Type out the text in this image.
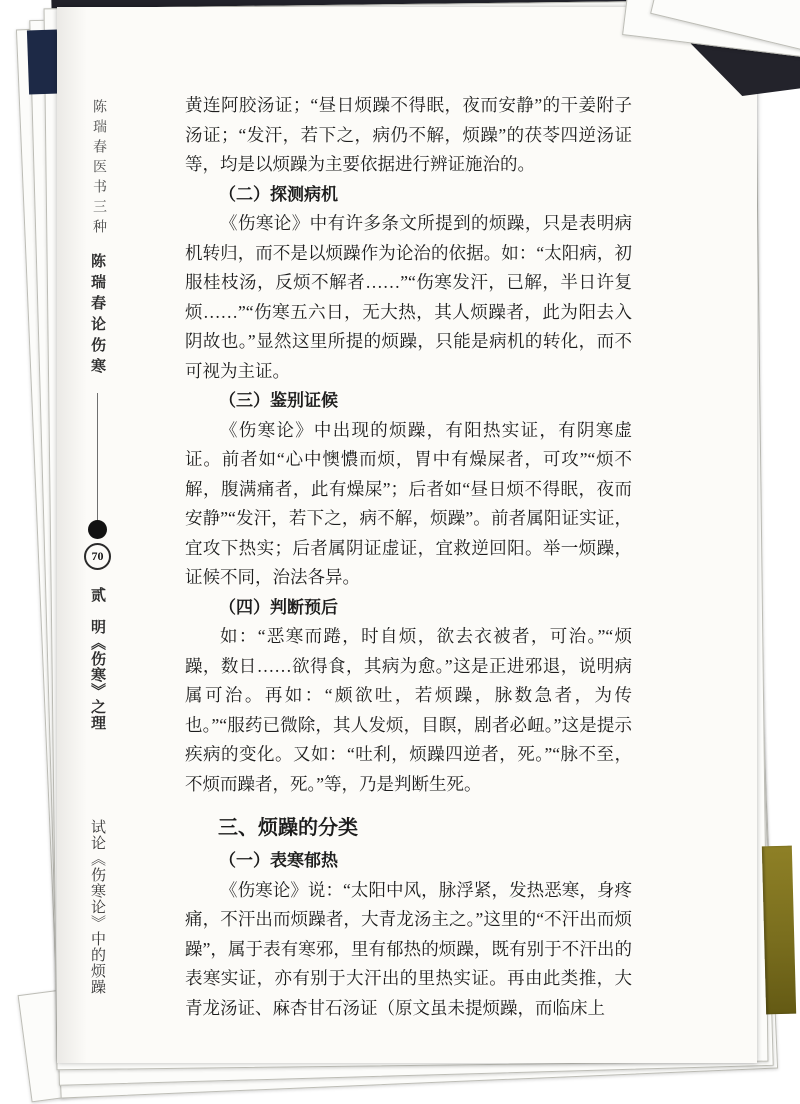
陈瑞春医书三种
陈瑞春论伤寒
70
贰　明《伤寒》之理
试论《伤寒论》中的烦躁

黄连阿胶汤证；“昼日烦躁不得眠，夜而安静”的干姜附子汤证；“发汗，若下之，病仍不解，烦躁”的茯苓四逆汤证等，均是以烦躁为主要依据进行辨证施治的。

（二）探测病机

《伤寒论》中有许多条文所提到的烦躁，只是表明病机转归，而不是以烦躁作为论治的依据。如：“太阳病，初服桂枝汤，反烦不解者……”“伤寒发汗，已解，半日许复烦……”“伤寒五六日，无大热，其人烦躁者，此为阳去入阴故也。”显然这里所提的烦躁，只能是病机的转化，而不可视为主证。

（三）鉴别证候

《伤寒论》中出现的烦躁，有阳热实证，有阴寒虚证。前者如“心中懊憹而烦，胃中有燥屎者，可攻”“烦不解，腹满痛者，此有燥屎”；后者如“昼日烦不得眠，夜而安静”“发汗，若下之，病不解，烦躁”。前者属阳证实证，宜攻下热实；后者属阴证虚证，宜救逆回阳。举一烦躁，证候不同，治法各异。

（四）判断预后

如：“恶寒而踡，时自烦，欲去衣被者，可治。”“烦躁，数日……欲得食，其病为愈。”这是正进邪退，说明病属可治。再如：“颇欲吐，若烦躁，脉数急者，为传也。”“服药已微除，其人发烦，目瞑，剧者必衄。”这是提示疾病的变化。又如：“吐利，烦躁四逆者，死。”“脉不至，不烦而躁者，死。”等，乃是判断生死。

三、烦躁的分类

（一）表寒郁热

《伤寒论》说：“太阳中风，脉浮紧，发热恶寒，身疼痛，不汗出而烦躁者，大青龙汤主之。”这里的“不汗出而烦躁”，属于表有寒邪，里有郁热的烦躁，既有别于不汗出的表寒实证，亦有别于大汗出的里热实证。再由此类推，大青龙汤证、麻杏甘石汤证（原文虽未提烦躁，而临床上
